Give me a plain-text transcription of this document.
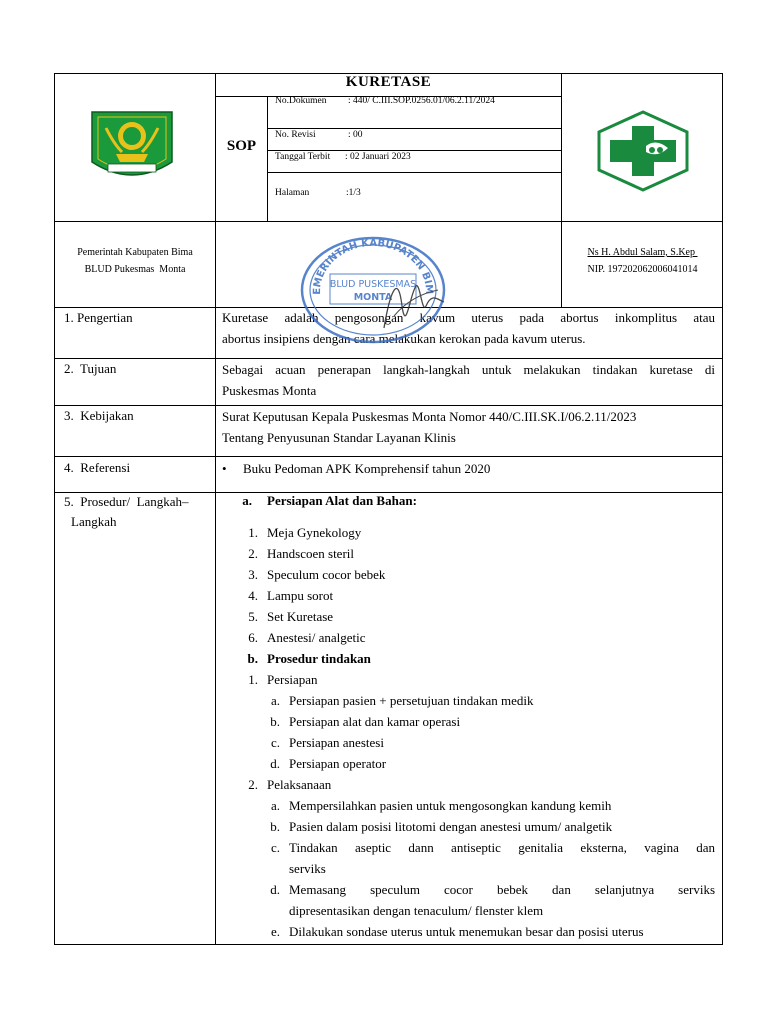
KURETASE
SOP
No.Dokumen : 440/ C.III.SOP.0256.01/06.2.11/2024
No. Revisi	: 00
Tanggal Terbit : 02 Januari 2023
Halaman	:1/3
Pemerintah Kabupaten Bima
BLUD Pukesmas  Monta
Ns H. Abdul Salam, S.Kep
NIP. 197202062006041014
1. Pengertian	Kuretase adalah pengosongan kavum uterus pada abortus inkomplitus atau
abortus insipiens dengan cara melakukan kerokan pada kavum uterus.
2.  Tujuan	Sebagai acuan penerapan langkah-langkah untuk melakukan tindakan kuretase di
Puskesmas Monta
3.  Kebijakan	Surat Keputusan Kepala Puskesmas Monta Nomor 440/C.III.SK.I/06.2.11/2023
Tentang Penyusunan Standar Layanan Klinis
4.  Referensi	• Buku Pedoman APK Komprehensif tahun 2020
5.  Prosedur/  Langkah–
Langkah
a. Persiapan Alat dan Bahan:
1. Meja Gynekology
2. Handscoen steril
3. Speculum cocor bebek
4. Lampu sorot
5. Set Kuretase
6. Anestesi/ analgetic
b. Prosedur tindakan
1. Persiapan
a. Persiapan pasien + persetujuan tindakan medik
b. Persiapan alat dan kamar operasi
c. Persiapan anestesi
d. Persiapan operator
2. Pelaksanaan
a. Mempersilahkan pasien untuk mengosongkan kandung kemih
b. Pasien dalam posisi litotomi dengan anestesi umum/ analgetik
c. Tindakan aseptic dann antiseptic genitalia eksterna, vagina dan
serviks
d. Memasang speculum cocor bebek dan selanjutnya serviks
dipresentasikan dengan tenaculum/ flenster klem
e. Dilakukan sondase uterus untuk menemukan besar dan posisi uterus
EMERINTAH KABUPATEN BIM
BLUD PUSKESMAS
MONTA
